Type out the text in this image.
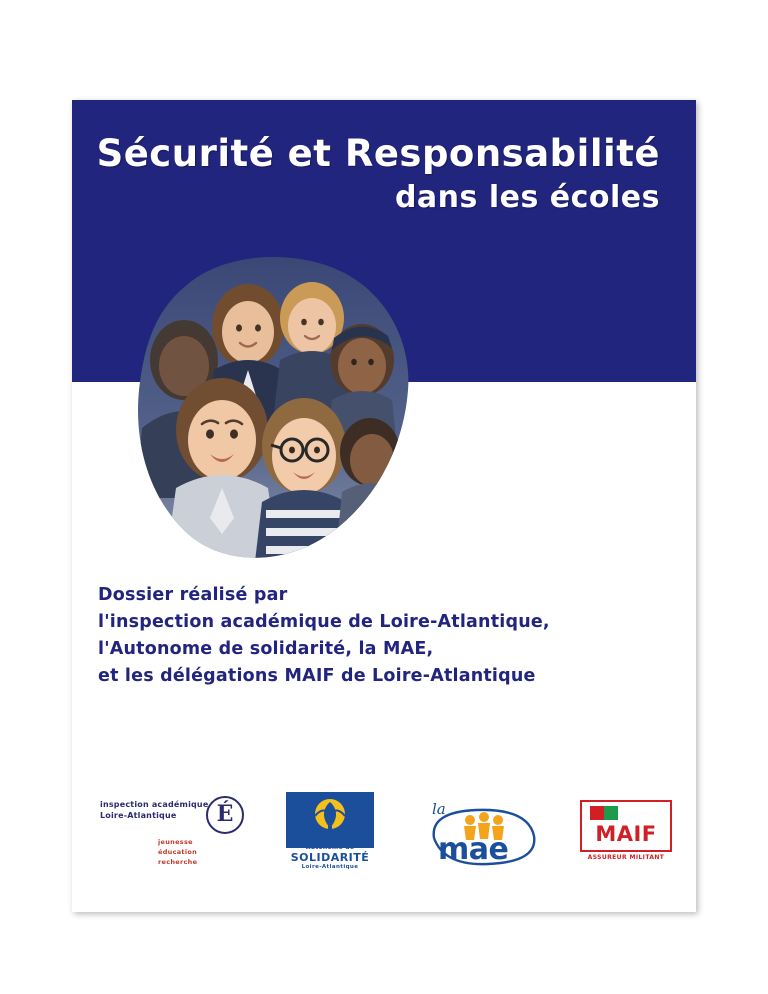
Sécurité et Responsabilité
dans les écoles
Dossier réalisé par
l'inspection académique de Loire-Atlantique,
l'Autonome de solidarité, la MAE,
et les délégations MAIF de Loire-Atlantique
inspection académique
Loire-Atlantique	É
jeunesse
éducation
recherche
Autonome de
SOLIDARITÉ
Loire-Atlantique
la
mae	MAIF
ASSUREUR MILITANT
